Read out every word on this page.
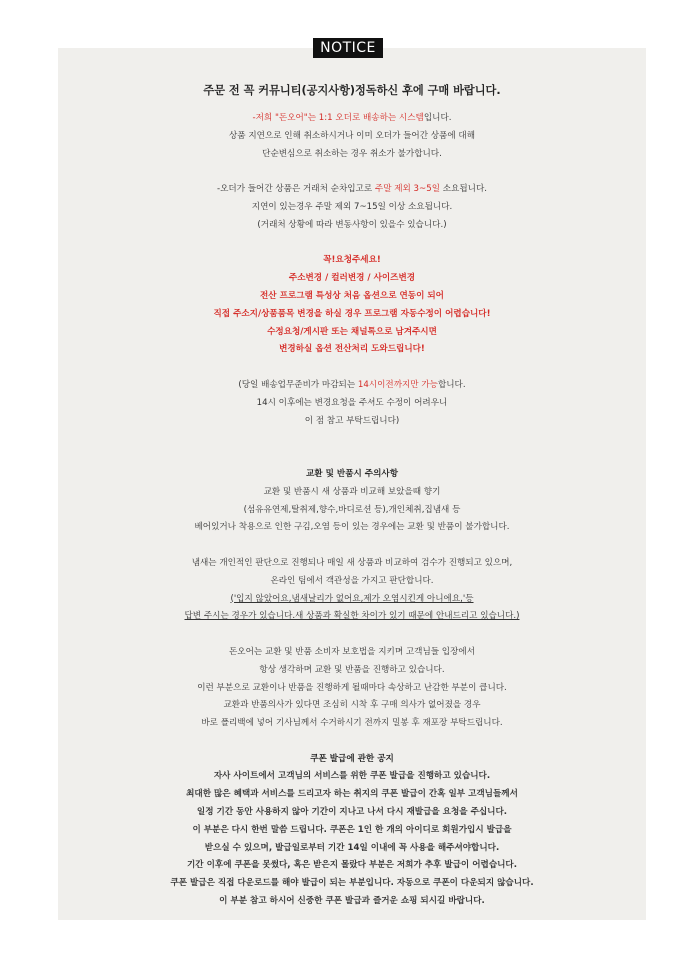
NOTICE
주문 전 꼭 커뮤니티(공지사항)정독하신 후에 구매 바랍니다.
-저희 "돈오어"는 1:1 오더로 배송하는 시스템입니다.
상품 지연으로 인해 취소하시거나 이미 오더가 들어간 상품에 대해
단순변심으로 취소하는 경우 취소가 불가합니다.
-오더가 들어간 상품은 거래처 순차입고로 주말 제외 3~5일 소요됩니다.
지연이 있는경우 주말 제외 7~15일 이상 소요됩니다.
(거래처 상황에 따라 변동사항이 있을수 있습니다.)
꼭!요청주세요!
주소변경 / 컬러변경 / 사이즈변경
전산 프로그램 특성상 처음 옵션으로 연동이 되어
직접 주소지/상품품목 변경을 하실 경우 프로그램 자동수정이 어렵습니다!
수정요청/게시판 또는 채널톡으로 남겨주시면
변경하실 옵션 전산처리 도와드립니다!
(당일 배송업무준비가 마감되는 14시이전까지만 가능합니다.
14시 이후에는 변경요청을 주셔도 수정이 어려우니
이 점 참고 부탁드립니다)
교환 및 반품시 주의사항
교환 및 반품시 새 상품과 비교해 보았을때 향기
(섬유유연제,탈취제,향수,바디로션 등),개인체취,집냄새 등
베어있거나 착용으로 인한 구김,오염 등이 있는 경우에는 교환 및 반품이 불가합니다.
냄새는 개인적인 판단으로 진행되나 매일 새 상품과 비교하여 검수가 진행되고 있으며,
온라인 팀에서 객관성을 가지고 판단합니다.
('입지 않았어요,냄새날리가 없어요,제가 오염시킨게 아니에요,'등
답변 주시는 경우가 있습니다.새 상품과 확실한 차이가 있기 때문에 안내드리고 있습니다.)
돈오어는 교환 및 반품 소비자 보호법을 지키며 고객님들 입장에서
항상 생각하며 교환 및 반품을 진행하고 있습니다.
이런 부분으로 교환이나 반품을 진행하게 될때마다 속상하고 난감한 부분이 큽니다.
교환과 반품의사가 있다면 조심히 시착 후 구매 의사가 없어졌을 경우
바로 폴리백에 넣어 기사님께서 수거하시기 전까지 밀봉 후 재포장 부탁드립니다.
쿠폰 발급에 관한 공지
자사 사이트에서 고객님의 서비스를 위한 쿠폰 발급을 진행하고 있습니다.
최대한 많은 혜택과 서비스를 드리고자 하는 취지의 쿠폰 발급이 간혹 일부 고객님들께서
일정 기간 동안 사용하지 않아 기간이 지나고 나서 다시 재발급을 요청을 주십니다.
이 부분은 다시 한번 말씀 드립니다. 쿠폰은 1인 한 개의 아이디로 회원가입시 발급을
받으실 수 있으며, 발급일로부터 기간 14일 이내에 꼭 사용을 해주셔야합니다.
기간 이후에 쿠폰을 못썼다, 혹은 받은지 몰랐다 부분은 저희가 추후 발급이 어렵습니다.
쿠폰 발급은 직접 다운로드를 해야 발급이 되는 부분입니다. 자동으로 쿠폰이 다운되지 않습니다.
이 부분 참고 하시어 신중한 쿠폰 발급과 즐거운 쇼핑 되시길 바랍니다.
